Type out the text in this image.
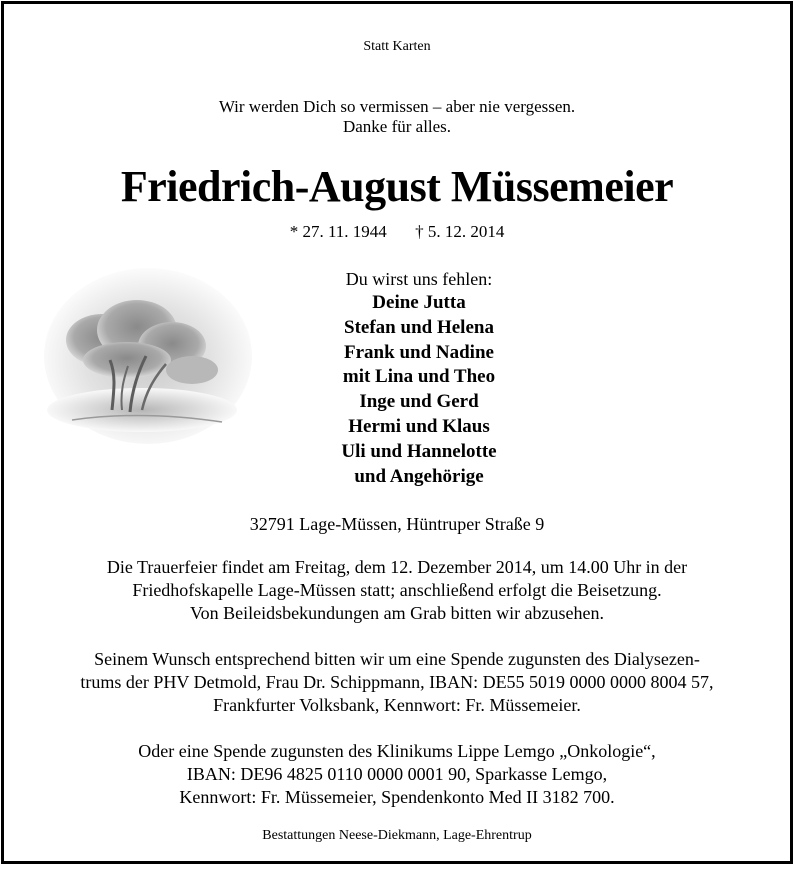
Statt Karten
Wir werden Dich so vermissen – aber nie vergessen.
Danke für alles.
Friedrich-August Müssemeier
* 27. 11. 1944 † 5. 12. 2014
Du wirst uns fehlen:
Deine Jutta
Stefan und Helena
Frank und Nadine
mit Lina und Theo
Inge und Gerd
Hermi und Klaus
Uli und Hannelotte
und Angehörige
32791 Lage-Müssen, Hüntruper Straße 9
Die Trauerfeier findet am Freitag, dem 12. Dezember 2014, um 14.00 Uhr in der
Friedhofskapelle Lage-Müssen statt; anschließend erfolgt die Beisetzung.
Von Beileidsbekundungen am Grab bitten wir abzusehen.
Seinem Wunsch entsprechend bitten wir um eine Spende zugunsten des Dialysezen-
trums der PHV Detmold, Frau Dr. Schippmann, IBAN: DE55 5019 0000 0000 8004 57,
Frankfurter Volksbank, Kennwort: Fr. Müssemeier.
Oder eine Spende zugunsten des Klinikums Lippe Lemgo „Onkologie“,
IBAN: DE96 4825 0110 0000 0001 90, Sparkasse Lemgo,
Kennwort: Fr. Müssemeier, Spendenkonto Med II 3182 700.
Bestattungen Neese-Diekmann, Lage-Ehrentrup
